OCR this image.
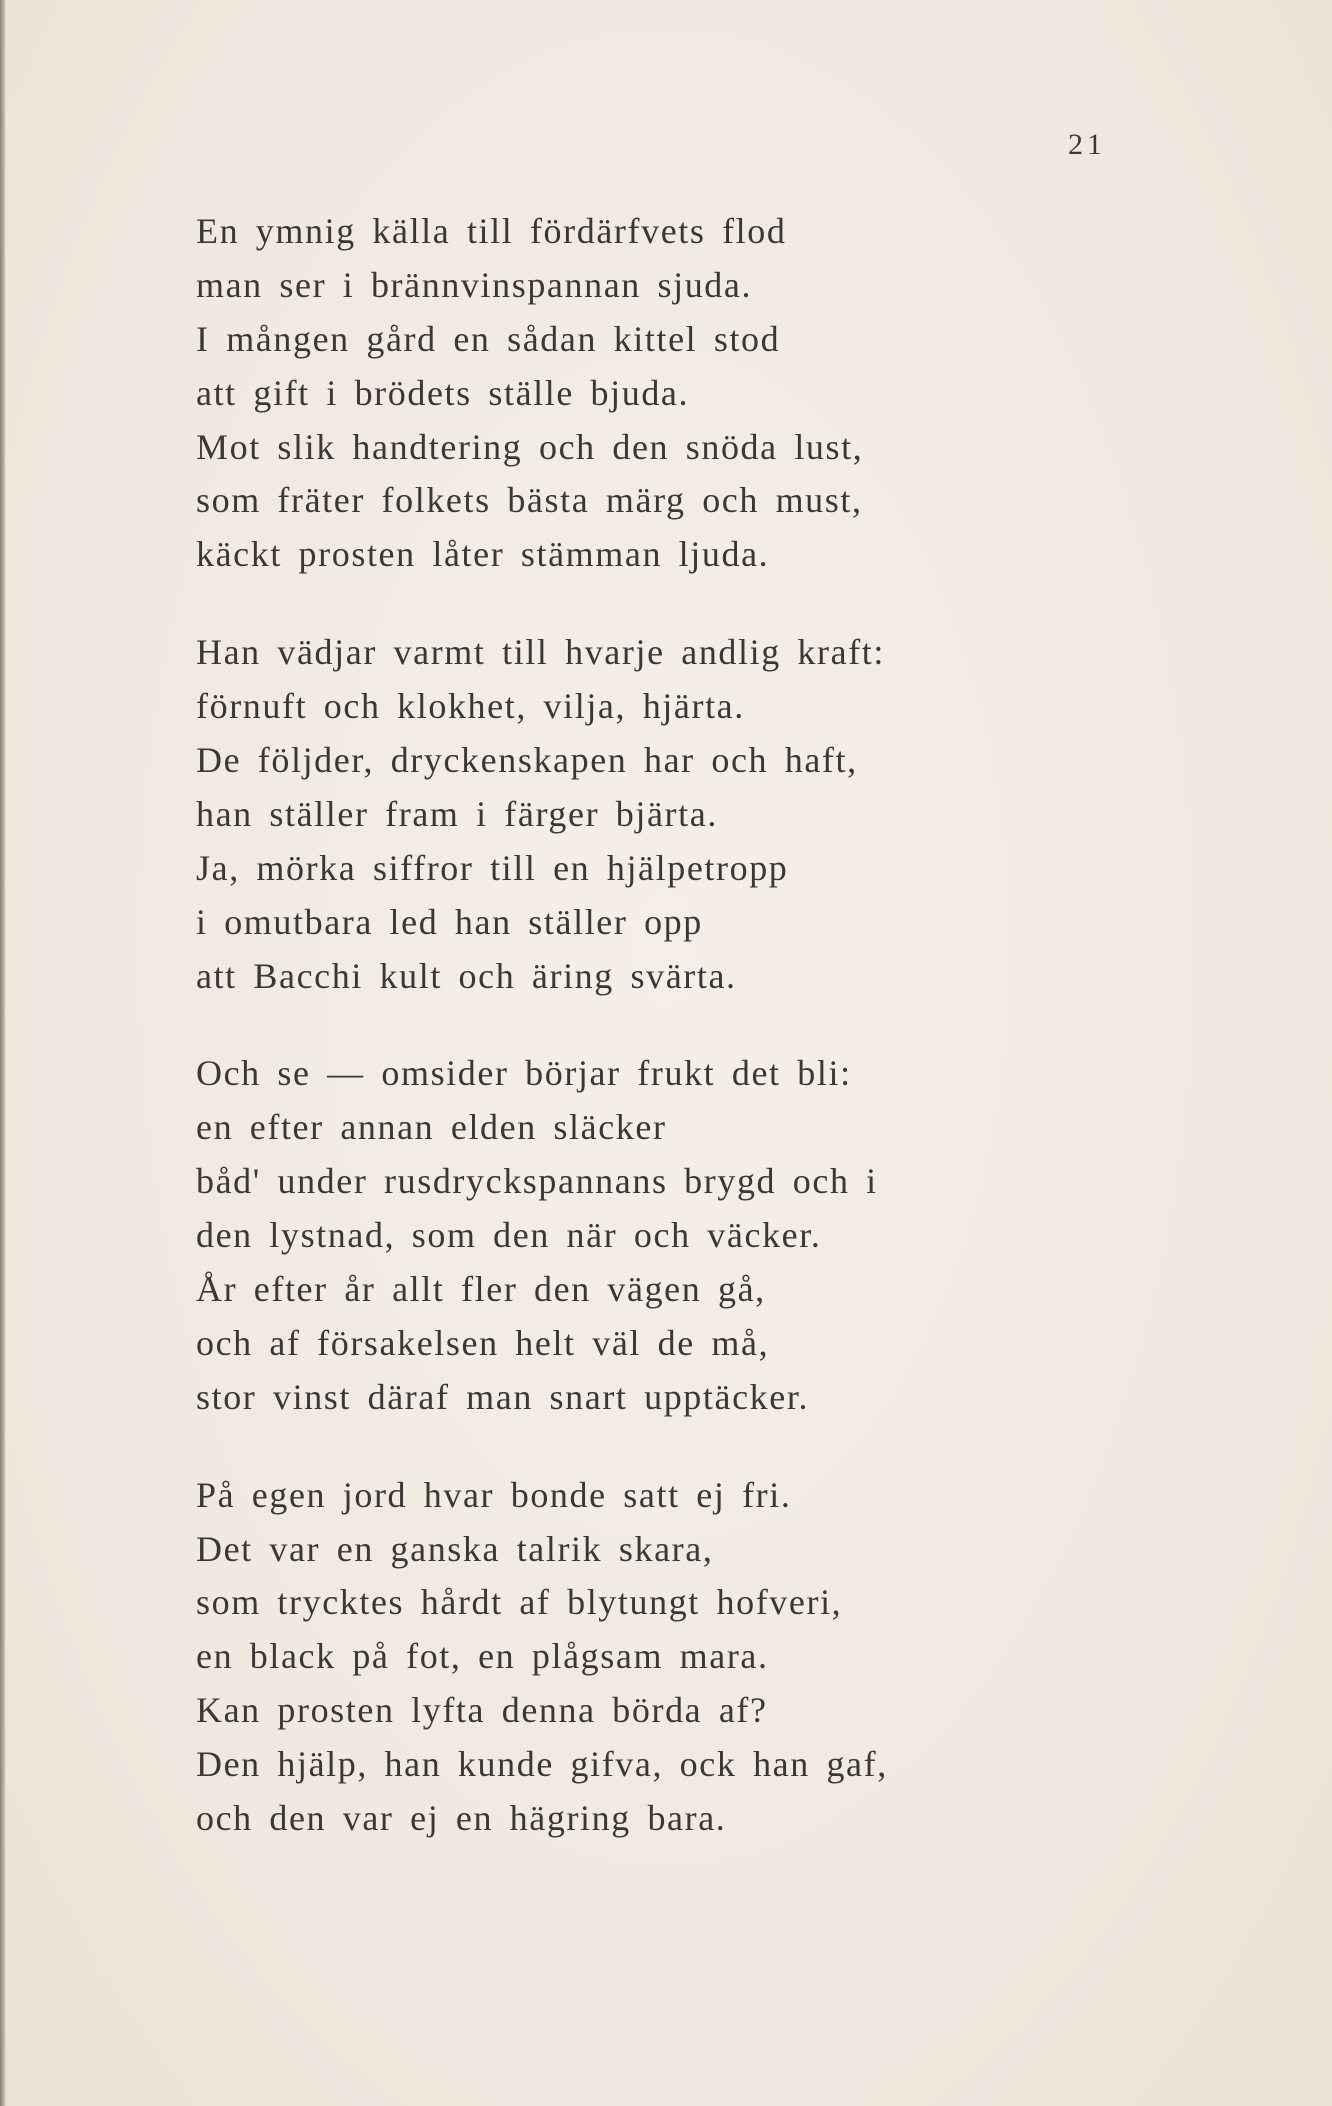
21
En ymnig källa till fördärfvets flod
man ser i brännvinspannan sjuda.
I mången gård en sådan kittel stod
att gift i brödets ställe bjuda.
Mot slik handtering och den snöda lust,
som fräter folkets bästa märg och must,
käckt prosten låter stämman ljuda.
Han vädjar varmt till hvarje andlig kraft:
förnuft och klokhet, vilja, hjärta.
De följder, dryckenskapen har och haft,
han ställer fram i färger bjärta.
Ja, mörka siffror till en hjälpetropp
i omutbara led han ställer opp
att Bacchi kult och äring svärta.
Och se — omsider börjar frukt det bli:
en efter annan elden släcker
båd' under rusdryckspannans brygd och i
den lystnad, som den när och väcker.
År efter år allt fler den vägen gå,
och af försakelsen helt väl de må,
stor vinst däraf man snart upptäcker.
På egen jord hvar bonde satt ej fri.
Det var en ganska talrik skara,
som trycktes hårdt af blytungt hofveri,
en black på fot, en plågsam mara.
Kan prosten lyfta denna börda af?
Den hjälp, han kunde gifva, ock han gaf,
och den var ej en hägring bara.
